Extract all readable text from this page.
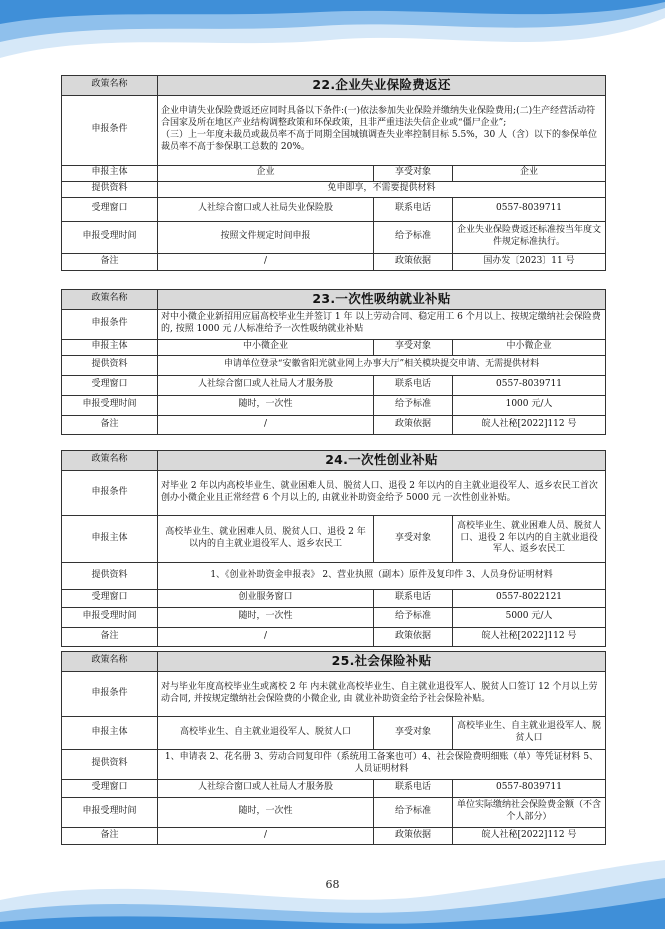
政策名称	22.企业失业保险费返还		
申报条件	企业申请失业保险费返还应同时具备以下条件:(一)依法参加失业保险并缴纳失业保险费用;(二)生产经营活动符合国家及所在地区产业结构调整政策和环保政策，且非严重违法失信企业或“僵尸企业”;
（三）上一年度未裁员或裁员率不高于同期全国城镇调查失业率控制目标 5.5%，30 人（含）以下的参保单位裁员率不高于参保职工总数的 20%。		
申报主体	企业	享受对象	企业
提供资料	免申即享，不需要提供材料		
受理窗口	人社综合窗口或人社局失业保险股	联系电话	0557-8039711
申报受理时间	按照文件规定时间申报	给予标准	企业失业保险费返还标准按当年度文件规定标准执行。
备注	/	政策依据	国办发〔2023〕11 号
政策名称	23.一次性吸纳就业补贴		
申报条件	对中小微企业新招用应届高校毕业生并签订 1 年 以上劳动合同、稳定用工 6 个月以上、按规定缴纳社会保险费的, 按照 1000 元 /人标准给予一次性吸纳就业补贴		
申报主体	中小微企业	享受对象	中小微企业
提供资料	申请单位登录“安徽省阳光就业网上办事大厅”相关模块提交申请、无需提供材料		
受理窗口	人社综合窗口或人社局人才服务股	联系电话	0557-8039711
申报受理时间	随时，一次性	给予标准	1000 元/人
备注	/	政策依据	皖人社秘[2022]112 号
政策名称	24.一次性创业补贴		
申报条件	对毕业 2 年以内高校毕业生、就业困难人员、脱贫人口、退役 2 年以内的自主就业退役军人、返乡农民工首次创办小微企业且正常经营 6 个月以上的, 由就业补助资金给予 5000 元 一次性创业补贴。		
申报主体	高校毕业生、就业困难人员、脱贫人口、退役 2 年以内的自主就业退役军人、返乡农民工	享受对象	高校毕业生、就业困难人员、脱贫人口、退役 2 年以内的自主就业退役军人、返乡农民工
提供资料	1、《创业补助资金申报表》 2、营业执照（副本）原件及复印件 3、人员身份证明材料		
受理窗口	创业服务窗口	联系电话	0557-8022121
申报受理时间	随时，一次性	给予标准	5000 元/人
备注	/	政策依据	皖人社秘[2022]112 号
政策名称	25.社会保险补贴		
申报条件	对与毕业年度高校毕业生或离校 2 年 内未就业高校毕业生、自主就业退役军人、脱贫人口签订 12 个月以上劳动合同, 并按规定缴纳社会保险费的小微企业, 由 就业补助资金给予社会保险补贴。		
申报主体	高校毕业生、自主就业退役军人、脱贫人口	享受对象	高校毕业生、自主就业退役军人、脱贫人口
提供资料	1、申请表 2、花名册 3、劳动合同复印件（系统用工备案也可）4、社会保险费明细账（单）等凭证材料 5、人员证明材料		
受理窗口	人社综合窗口或人社局人才服务股	联系电话	0557-8039711
申报受理时间	随时，一次性	给予标准	单位实际缴纳社会保险费金额（不含个人部分）
备注	/	政策依据	皖人社秘[2022]112 号
68
